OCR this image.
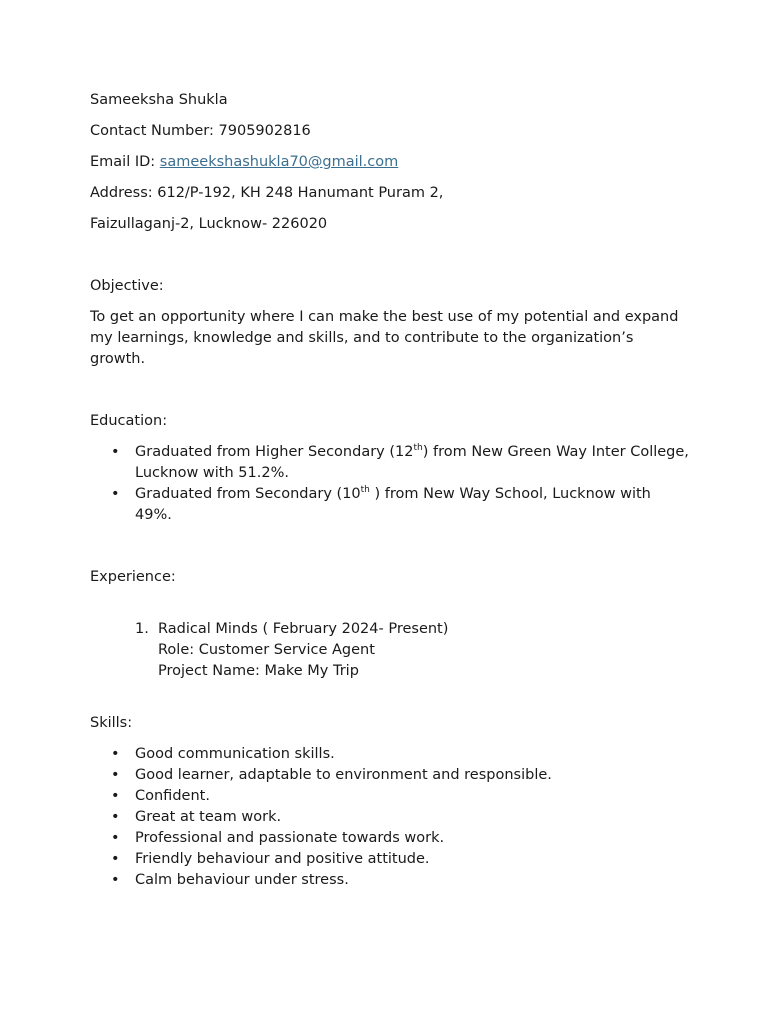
Sameeksha Shukla

Contact Number: 7905902816

Email ID: sameekshashukla70@gmail.com

Address: 612/P-192, KH 248 Hanumant Puram 2,

Faizullaganj-2, Lucknow- 226020

Objective:

To get an opportunity where I can make the best use of my potential and expand my learnings, knowledge and skills, and to contribute to the organization’s growth.

Education:

• Graduated from Higher Secondary (12th) from New Green Way Inter College, Lucknow with 51.2%.
• Graduated from Secondary (10th ) from New Way School, Lucknow with 49%.

Experience:

1. Radical Minds ( February 2024- Present)
Role: Customer Service Agent
Project Name: Make My Trip

Skills:

• Good communication skills.
• Good learner, adaptable to environment and responsible.
• Confident.
• Great at team work.
• Professional and passionate towards work.
• Friendly behaviour and positive attitude.
• Calm behaviour under stress.
